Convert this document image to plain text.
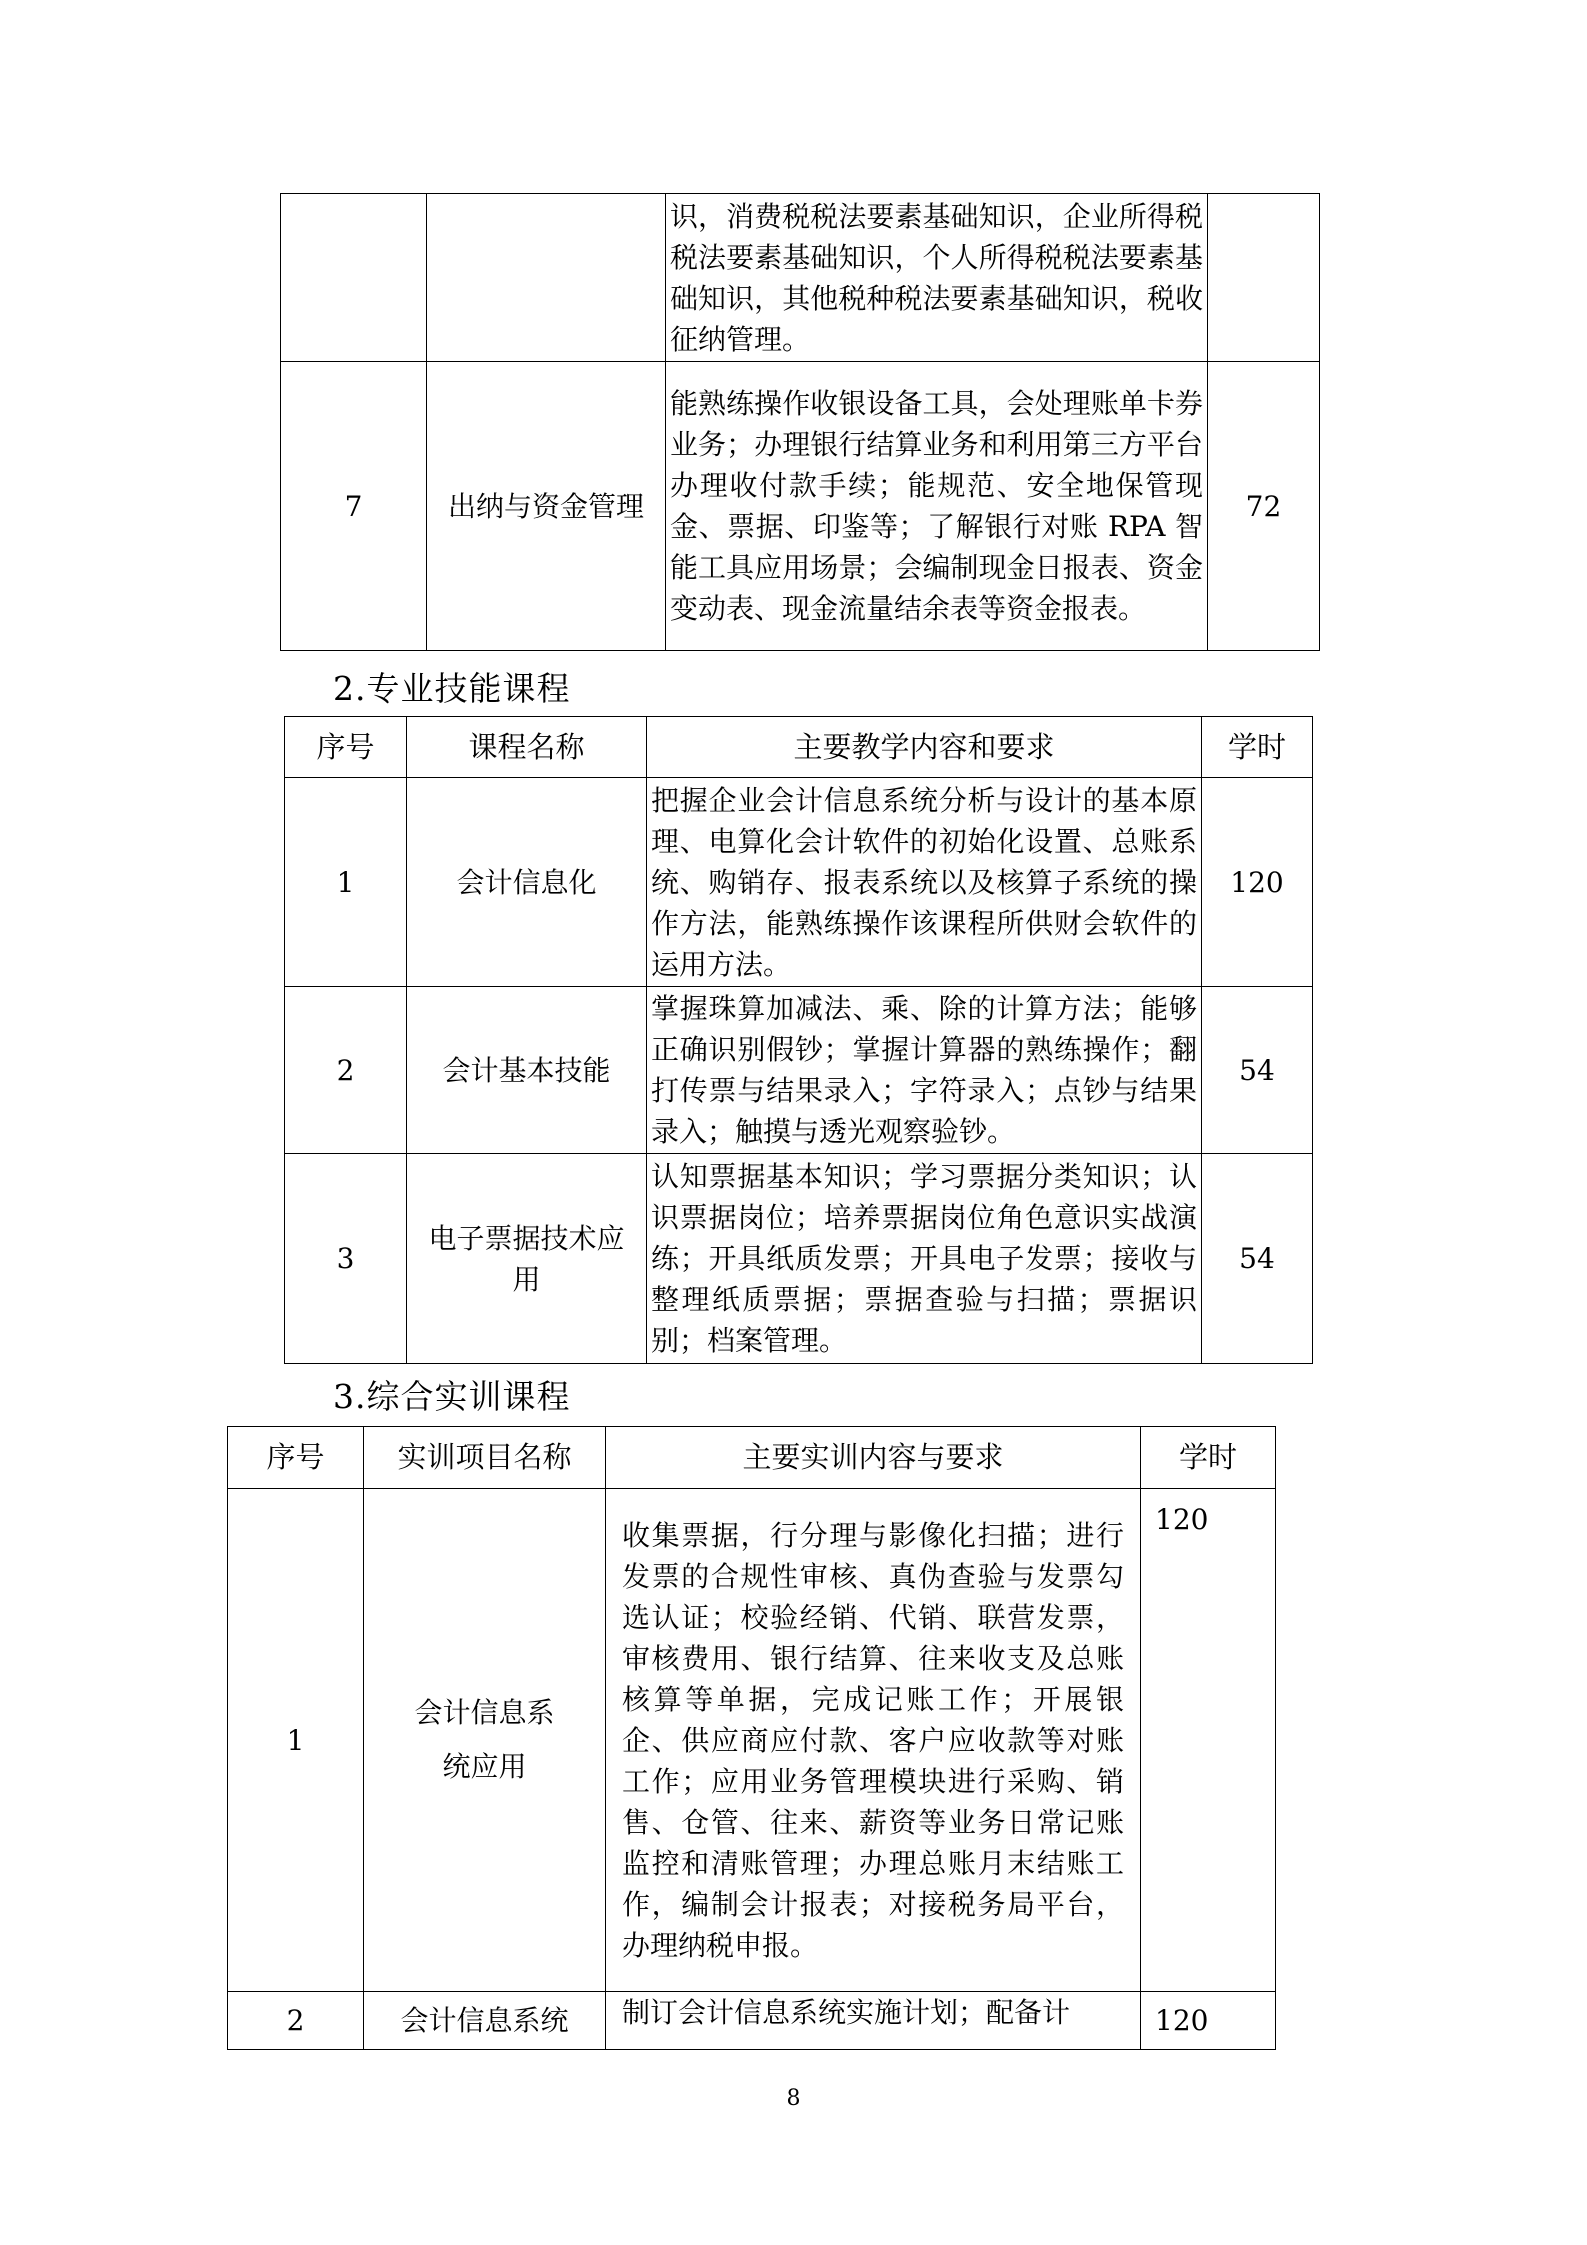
		识，消费税税法要素基础知识，企业所得税税法要素基础知识，个人所得税税法要素基础知识，其他税种税法要素基础知识，税收征纳管理。	
7	出纳与资金管理	能熟练操作收银设备工具，会处理账单卡券业务；办理银行结算业务和利用第三方平台办理收付款手续；能规范、安全地保管现金、票据、印鉴等；了解银行对账 RPA 智能工具应用场景；会编制现金日报表、资金变动表、现金流量结余表等资金报表。	72
2.专业技能课程
序号	课程名称	主要教学内容和要求	学时
1	会计信息化	把握企业会计信息系统分析与设计的基本原理、电算化会计软件的初始化设置、总账系统、购销存、报表系统以及核算子系统的操作方法，能熟练操作该课程所供财会软件的运用方法。	120
2	会计基本技能	掌握珠算加减法、乘、除的计算方法；能够正确识别假钞；掌握计算器的熟练操作；翻打传票与结果录入；字符录入；点钞与结果录入；触摸与透光观察验钞。	54
3	电子票据技术应用	认知票据基本知识；学习票据分类知识；认识票据岗位；培养票据岗位角色意识实战演练；开具纸质发票；开具电子发票；接收与整理纸质票据；票据查验与扫描；票据识别；档案管理。	54
3.综合实训课程
序号	实训项目名称	主要实训内容与要求	学时
1	会计信息系统应用	收集票据，行分理与影像化扫描；进行发票的合规性审核、真伪查验与发票勾选认证；校验经销、代销、联营发票，审核费用、银行结算、往来收支及总账核算等单据，完成记账工作；开展银企、供应商应付款、客户应收款等对账工作；应用业务管理模块进行采购、销售、仓管、往来、薪资等业务日常记账监控和清账管理；办理总账月末结账工作，编制会计报表；对接税务局平台， 办理纳税申报。	120
2	会计信息系统	制订会计信息系统实施计划；配备计	120
8
